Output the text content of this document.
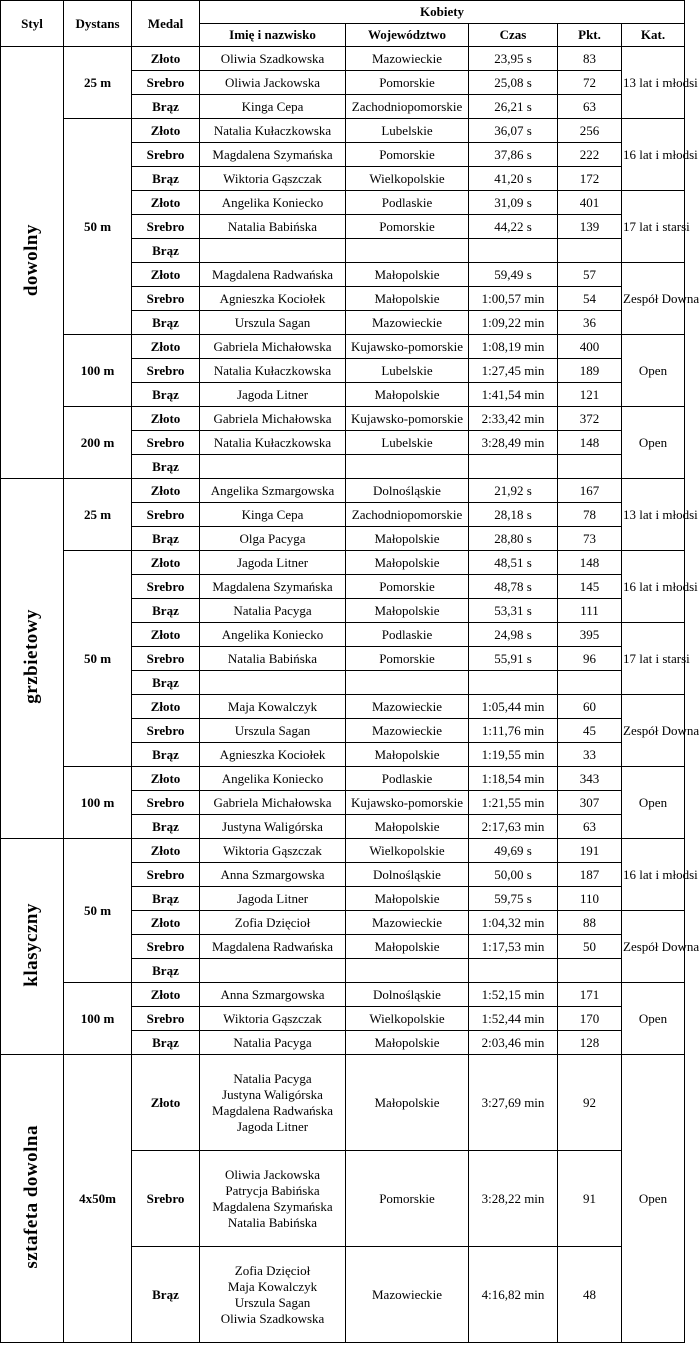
Styl	Dystans	Medal	Kobiety				
			Imię i nazwisko	Województwo	Czas	Pkt.	Kat.
dowolny	25 m	Złoto	Oliwia Szadkowska	Mazowieckie	23,95 s	83	13 lat i młodsi
		Srebro	Oliwia Jackowska	Pomorskie	25,08 s	72	
		Brąz	Kinga Cepa	Zachodniopomorskie	26,21 s	63	
	50 m	Złoto	Natalia Kułaczkowska	Lubelskie	36,07 s	256	16 lat i młodsi
		Srebro	Magdalena Szymańska	Pomorskie	37,86 s	222	
		Brąz	Wiktoria Gąszczak	Wielkopolskie	41,20 s	172	
		Złoto	Angelika Koniecko	Podlaskie	31,09 s	401	17 lat i starsi
		Srebro	Natalia Babińska	Pomorskie	44,22 s	139	
		Brąz					
		Złoto	Magdalena Radwańska	Małopolskie	59,49 s	57	Zespół Downa
		Srebro	Agnieszka Kociołek	Małopolskie	1:00,57 min	54	
		Brąz	Urszula Sagan	Mazowieckie	1:09,22 min	36	
	100 m	Złoto	Gabriela Michałowska	Kujawsko-pomorskie	1:08,19 min	400	Open
		Srebro	Natalia Kułaczkowska	Lubelskie	1:27,45 min	189	
		Brąz	Jagoda Litner	Małopolskie	1:41,54 min	121	
	200 m	Złoto	Gabriela Michałowska	Kujawsko-pomorskie	2:33,42 min	372	Open
		Srebro	Natalia Kułaczkowska	Lubelskie	3:28,49 min	148	
		Brąz					
grzbietowy	25 m	Złoto	Angelika Szmargowska	Dolnośląskie	21,92 s	167	13 lat i młodsi
		Srebro	Kinga Cepa	Zachodniopomorskie	28,18 s	78	
		Brąz	Olga Pacyga	Małopolskie	28,80 s	73	
	50 m	Złoto	Jagoda Litner	Małopolskie	48,51 s	148	16 lat i młodsi
		Srebro	Magdalena Szymańska	Pomorskie	48,78 s	145	
		Brąz	Natalia Pacyga	Małopolskie	53,31 s	111	
		Złoto	Angelika Koniecko	Podlaskie	24,98 s	395	17 lat i starsi
		Srebro	Natalia Babińska	Pomorskie	55,91 s	96	
		Brąz					
		Złoto	Maja Kowalczyk	Mazowieckie	1:05,44 min	60	Zespół Downa
		Srebro	Urszula Sagan	Mazowieckie	1:11,76 min	45	
		Brąz	Agnieszka Kociołek	Małopolskie	1:19,55 min	33	
	100 m	Złoto	Angelika Koniecko	Podlaskie	1:18,54 min	343	Open
		Srebro	Gabriela Michałowska	Kujawsko-pomorskie	1:21,55 min	307	
		Brąz	Justyna Waligórska	Małopolskie	2:17,63 min	63	
klasyczny	50 m	Złoto	Wiktoria Gąszczak	Wielkopolskie	49,69 s	191	16 lat i młodsi
		Srebro	Anna Szmargowska	Dolnośląskie	50,00 s	187	
		Brąz	Jagoda Litner	Małopolskie	59,75 s	110	
		Złoto	Zofia Dzięcioł	Mazowieckie	1:04,32 min	88	Zespół Downa
		Srebro	Magdalena Radwańska	Małopolskie	1:17,53 min	50	
		Brąz					
	100 m	Złoto	Anna Szmargowska	Dolnośląskie	1:52,15 min	171	Open
		Srebro	Wiktoria Gąszczak	Wielkopolskie	1:52,44 min	170	
		Brąz	Natalia Pacyga	Małopolskie	2:03,46 min	128	
sztafeta dowolna	4x50m	Złoto	Natalia Pacyga
Justyna Waligórska
Magdalena Radwańska
Jagoda Litner	Małopolskie	3:27,69 min	92	Open
		Srebro	Oliwia Jackowska
Patrycja Babińska
Magdalena Szymańska
Natalia Babińska	Pomorskie	3:28,22 min	91	
		Brąz	Zofia Dzięcioł
Maja Kowalczyk
Urszula Sagan
Oliwia Szadkowska	Mazowieckie	4:16,82 min	48	
